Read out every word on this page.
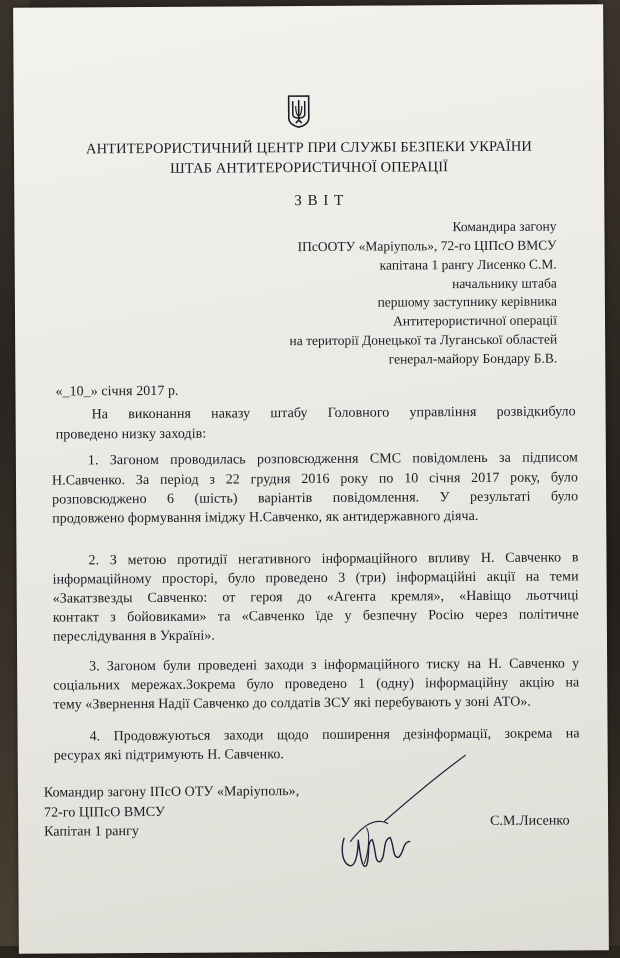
АНТИТЕРОРИСТИЧНИЙ ЦЕНТР ПРИ СЛУЖБІ БЕЗПЕКИ УКРАЇНИ
ШТАБ АНТИТЕРОРИСТИЧНОЇ ОПЕРАЦІЇ
З В І Т
Командира загону
ІПсООТУ «Маріуполь», 72-го ЦІПсО ВМСУ
капітана 1 рангу Лисенко С.М.
начальнику штаба
першому заступнику керівника
Антитерористичної операції
на території Донецької та Луганської областей
генерал-майору Бондару Б.В.
«_10_» січня 2017 р.
На виконання наказу штабу Головного управління розвідкибуло
проведено низку заходів:
1. Загоном проводилась розповсюдження СМС повідомлень за підписом
Н.Савченко. За період з 22 грудня 2016 року по 10 січня 2017 року, було
розповсюджено 6 (шість) варіантів повідомлення. У результаті було
продовжено формування іміджу Н.Савченко, як антидержавного діяча.
2. З метою протидії негативного інформаційного впливу Н. Савченко в
інформаційному просторі, було проведено 3 (три) інформаційні акції на теми
«Закатзвезды Савченко: от героя до «Агента кремля», «Навіщо льотчиці
контакт з бойовиками» та «Савченко їде у безпечну Росію через політичне
переслідування в Україні».
3. Загоном були проведені заходи з інформаційного тиску на Н. Савченко у
соціальних мережах.Зокрема було проведено 1 (одну) інформаційну акцію на
тему «Звернення Надії Савченко до солдатів ЗСУ які перебувають у зоні АТО».
4. Продовжуються заходи щодо поширення дезінформації, зокрема на
ресурах які підтримують Н. Савченко.
Командир загону ІПсО ОТУ «Маріуполь»,
72-го ЦІПсО ВМСУ
Капітан 1 рангу
С.М.Лисенко
